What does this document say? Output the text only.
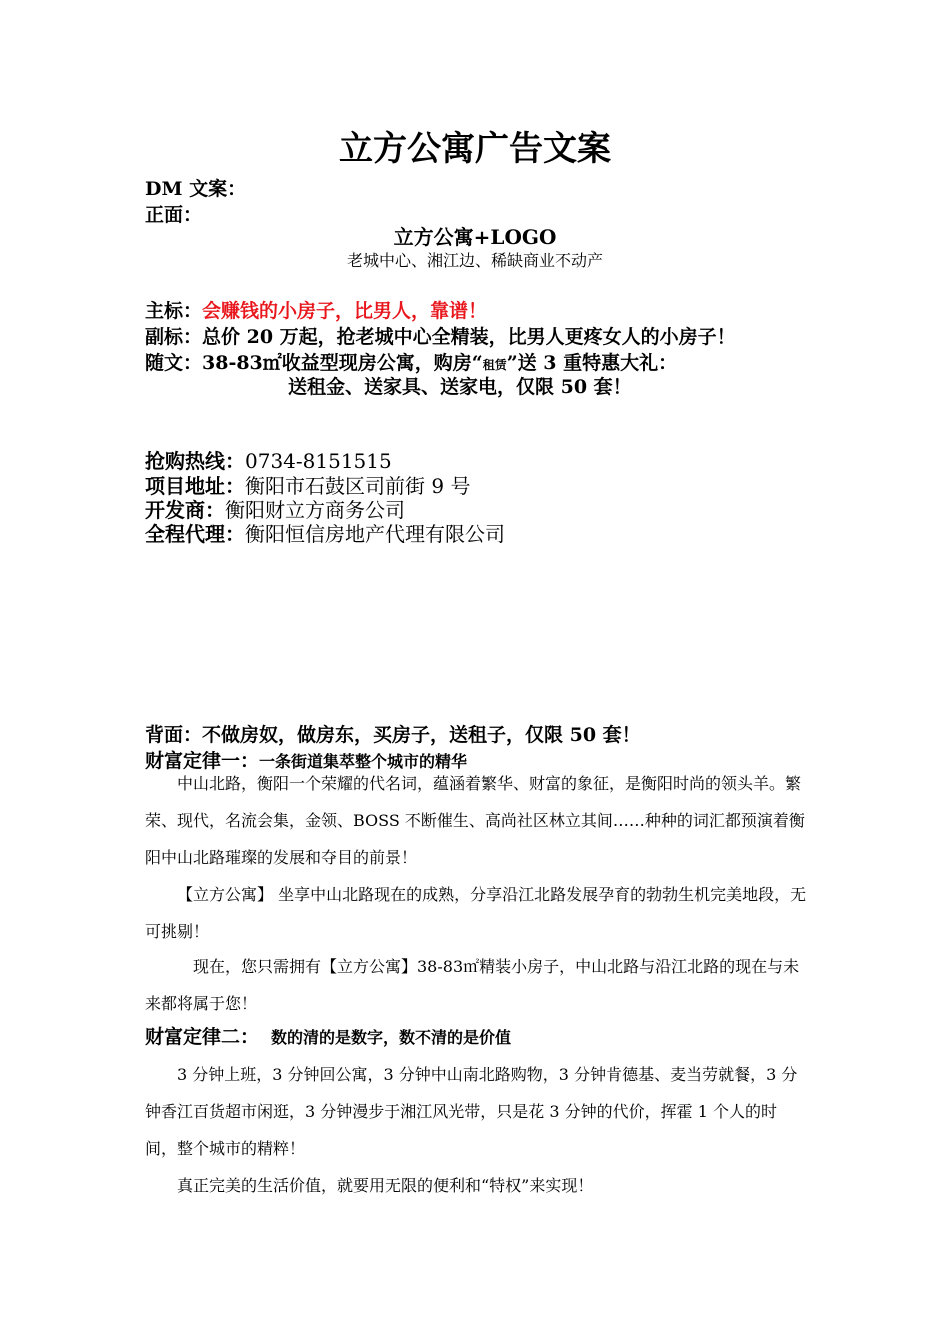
立方公寓广告文案
DM 文案：
正面：
立方公寓+LOGO
老城中心、湘江边、稀缺商业不动产
主标：会赚钱的小房子，比男人，靠谱！
副标：总价 20 万起，抢老城中心全精装，比男人更疼女人的小房子！
随文：38-83㎡收益型现房公寓，购房“租赁”送 3 重特惠大礼：
送租金、送家具、送家电，仅限 50 套！
抢购热线：0734-8151515
项目地址：衡阳市石鼓区司前街 9 号
开发商：衡阳财立方商务公司
全程代理：衡阳恒信房地产代理有限公司
背面：不做房奴，做房东，买房子，送租子，仅限 50 套！
财富定律一：一条街道集萃整个城市的精华
中山北路，衡阳一个荣耀的代名词，蕴涵着繁华、财富的象征，是衡阳时尚的领头羊。繁荣、现代，名流会集，金领、BOSS 不断催生、高尚社区林立其间……种种的词汇都预演着衡阳中山北路璀璨的发展和夺目的前景！
【立方公寓】 坐享中山北路现在的成熟，分享沿江北路发展孕育的勃勃生机完美地段，无可挑剔！
现在，您只需拥有【立方公寓】38-83㎡精装小房子，中山北路与沿江北路的现在与未来都将属于您！
财富定律二： 数的清的是数字，数不清的是价值
3 分钟上班，3 分钟回公寓，3 分钟中山南北路购物，3 分钟肯德基、麦当劳就餐，3 分钟香江百货超市闲逛，3 分钟漫步于湘江风光带，只是花 3 分钟的代价，挥霍 1 个人的时间，整个城市的精粹！
真正完美的生活价值，就要用无限的便利和“特权”来实现！
